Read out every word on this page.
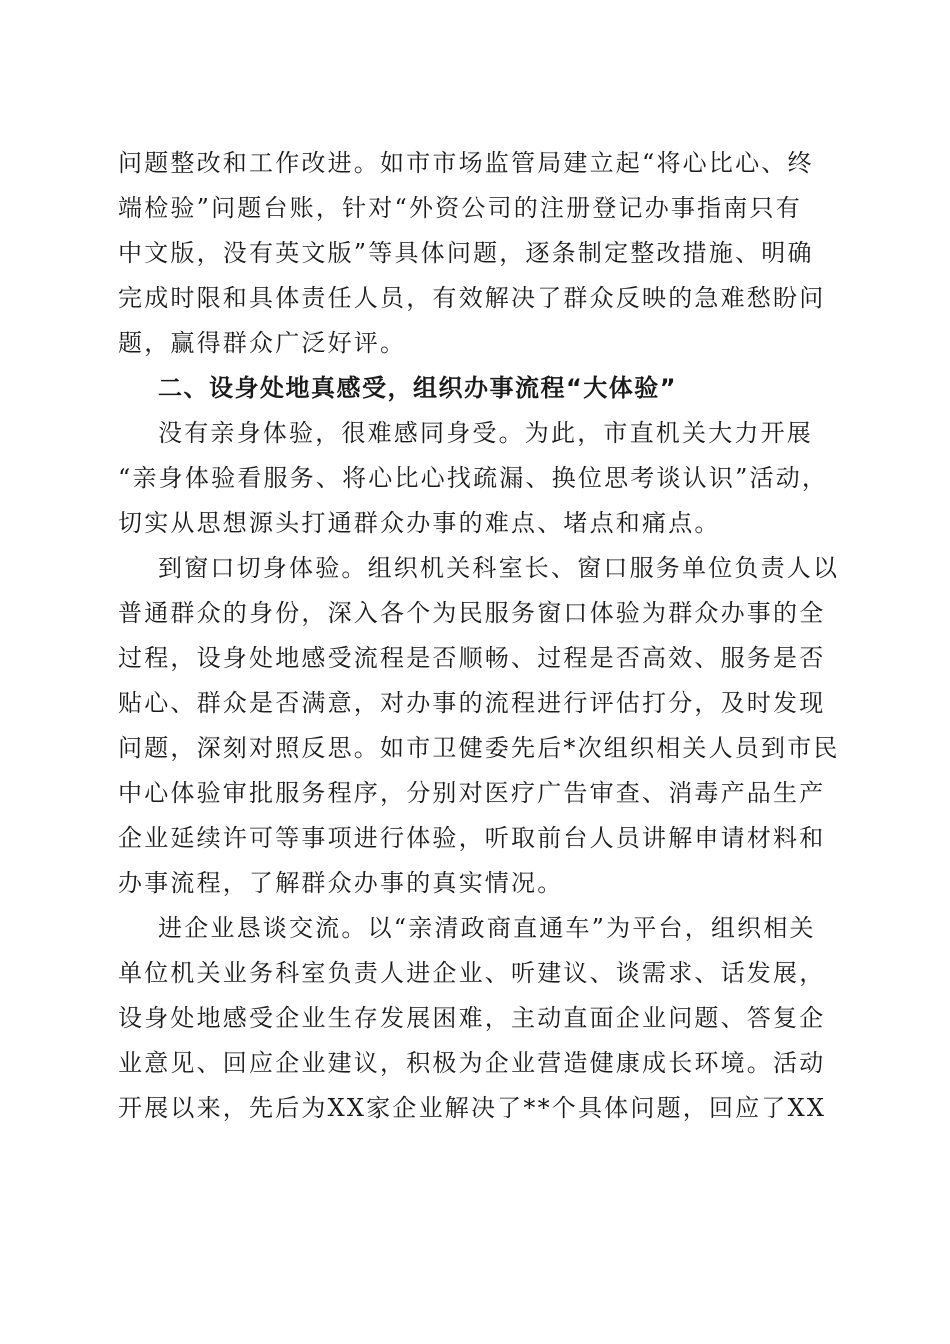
问题整改和工作改进。如市市场监管局建立起“将心比心、终
端检验”问题台账，针对“外资公司的注册登记办事指南只有
中文版，没有英文版”等具体问题，逐条制定整改措施、明确
完成时限和具体责任人员，有效解决了群众反映的急难愁盼问
题，赢得群众广泛好评。
二、设身处地真感受，组织办事流程“大体验”
没有亲身体验，很难感同身受。为此，市直机关大力开展
“亲身体验看服务、将心比心找疏漏、换位思考谈认识”活动，
切实从思想源头打通群众办事的难点、堵点和痛点。
到窗口切身体验。组织机关科室长、窗口服务单位负责人以
普通群众的身份，深入各个为民服务窗口体验为群众办事的全
过程，设身处地感受流程是否顺畅、过程是否高效、服务是否
贴心、群众是否满意，对办事的流程进行评估打分，及时发现
问题，深刻对照反思。如市卫健委先后*次组织相关人员到市民
中心体验审批服务程序，分别对医疗广告审查、消毒产品生产
企业延续许可等事项进行体验，听取前台人员讲解申请材料和
办事流程，了解群众办事的真实情况。
进企业恳谈交流。以“亲清政商直通车”为平台，组织相关
单位机关业务科室负责人进企业、听建议、谈需求、话发展，
设身处地感受企业生存发展困难，主动直面企业问题、答复企
业意见、回应企业建议，积极为企业营造健康成长环境。活动
开展以来，先后为XX家企业解决了**个具体问题，回应了XX
